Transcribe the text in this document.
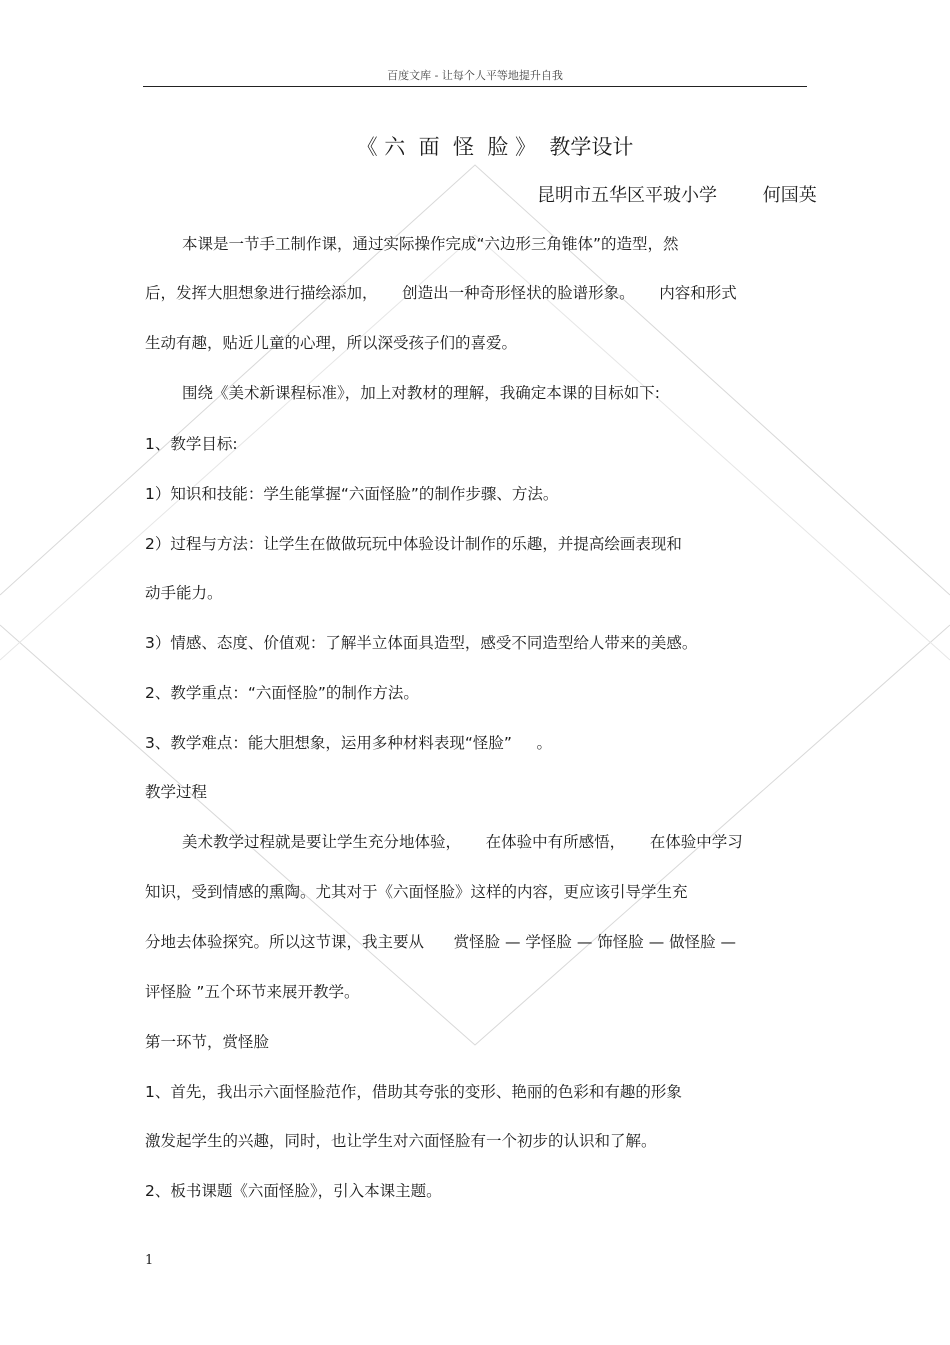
百度文库 - 让每个人平等地提升自我
《 六  面  怪  脸 》  教学设计
昆明市五华区平玻小学        何国英
本课是一节手工制作课，通过实际操作完成“六边形三角锥体”的造型，然
后，发挥大胆想象进行描绘添加，     创造出一种奇形怪状的脸谱形象。     内容和形式
生动有趣，贴近儿童的心理，所以深受孩子们的喜爱。
围绕《美术新课程标准》，加上对教材的理解，我确定本课的目标如下:
1、教学目标:
1）知识和技能：学生能掌握“六面怪脸”的制作步骤、方法。
2）过程与方法：让学生在做做玩玩中体验设计制作的乐趣，并提高绘画表现和
动手能力。
3）情感、态度、价值观：了解半立体面具造型，感受不同造型给人带来的美感。
2、教学重点：“六面怪脸”的制作方法。
3、教学难点：能大胆想象，运用多种材料表现“怪脸”     。
教学过程
美术教学过程就是要让学生充分地体验，     在体验中有所感悟，     在体验中学习
知识，受到情感的熏陶。尤其对于《六面怪脸》这样的内容，更应该引导学生充
分地去体验探究。所以这节课，我主要从      赏怪脸 — 学怪脸 — 饰怪脸 — 做怪脸 —
评怪脸 ”五个环节来展开教学。
第一环节，赏怪脸
1、首先，我出示六面怪脸范作，借助其夸张的变形、艳丽的色彩和有趣的形象
激发起学生的兴趣，同时，也让学生对六面怪脸有一个初步的认识和了解。
2、板书课题《六面怪脸》，引入本课主题。
1
